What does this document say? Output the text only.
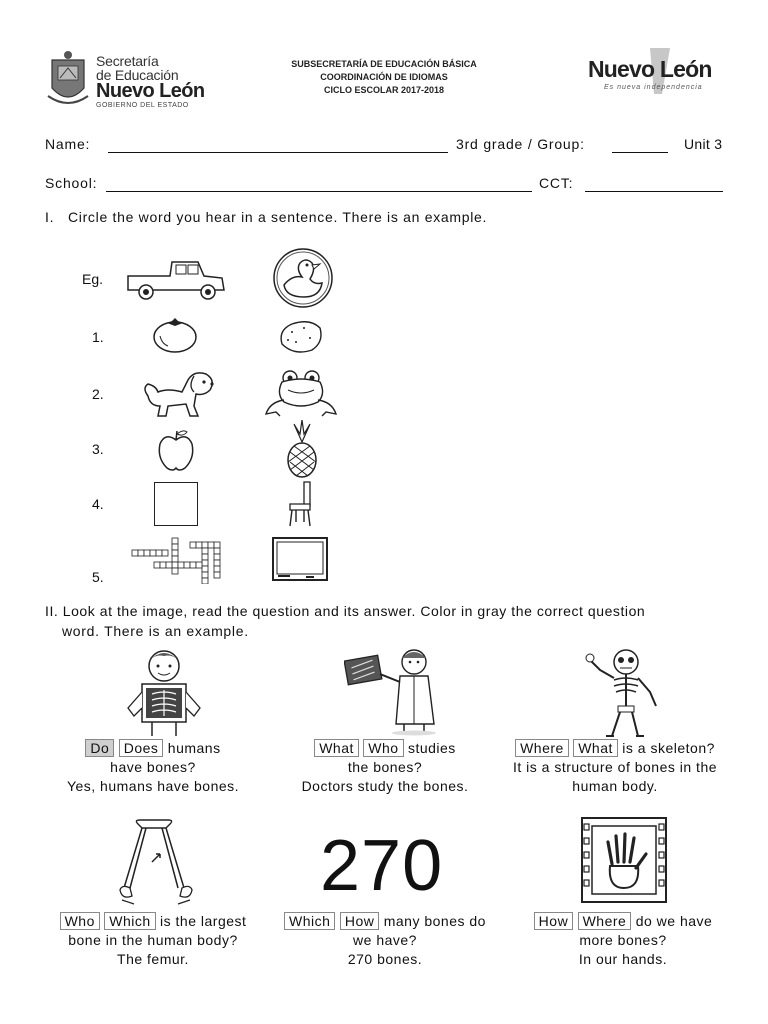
Secretaría
de Educación
Nuevo León
GOBIERNO DEL ESTADO
SUBSECRETARÍA DE EDUCACIÓN BÁSICA
COORDINACIÓN DE IDIOMAS
CICLO ESCOLAR 2017-2018
Nuevo León
Es nueva independencia
Name:	3rd grade / Group:	Unit 3
School:	CCT:
I.   Circle the word you hear in a sentence. There is an example.
Eg.
1.
2.
3.
4.
5.
II. Look at the image, read the question and its answer. Color in gray the correct question
word. There is an example.
Do Does humans
have bones?
Yes, humans have bones.
What Who studies
the bones?
Doctors study the bones.
Where What is a skeleton?
It is a structure of bones in the
human body.
270
Who Which is the largest
bone in the human body?
The femur.
Which How many bones do
we have?
270 bones.
How Where do we have
more bones?
In our hands.
